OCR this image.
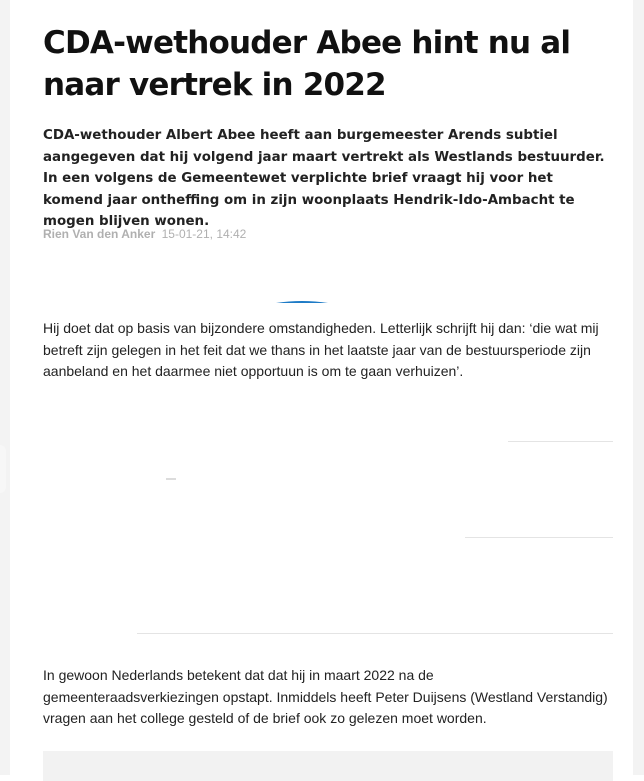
CDA-wethouder Abee hint nu al naar vertrek in 2022

CDA-wethouder Albert Abee heeft aan burgemeester Arends subtiel aangegeven dat hij volgend jaar maart vertrekt als Westlands bestuurder. In een volgens de Gemeentewet verplichte brief vraagt hij voor het komend jaar ontheffing om in zijn woonplaats Hendrik-Ido-Ambacht te mogen blijven wonen.

Rien Van den Anker 15-01-21, 14:42

Hij doet dat op basis van bijzondere omstandigheden. Letterlijk schrijft hij dan: ‘die wat mij betreft zijn gelegen in het feit dat we thans in het laatste jaar van de bestuursperiode zijn aanbeland en het daarmee niet opportuun is om te gaan verhuizen’.

In gewoon Nederlands betekent dat dat hij in maart 2022 na de gemeenteraadsverkiezingen opstapt. Inmiddels heeft Peter Duijsens (Westland Verstandig) vragen aan het college gesteld of de brief ook zo gelezen moet worden.
